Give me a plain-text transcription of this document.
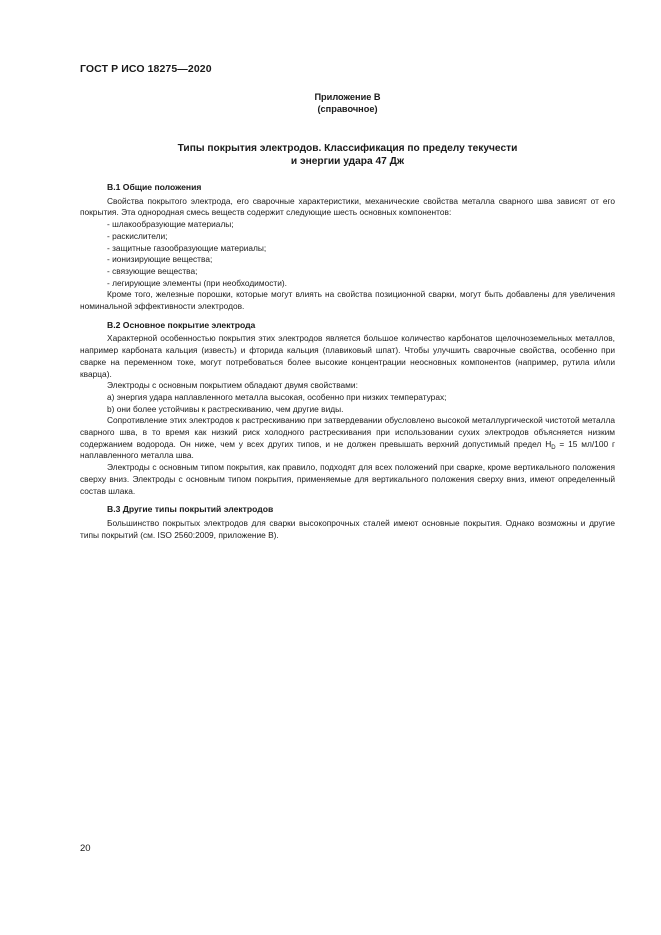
ГОСТ Р ИСО 18275—2020
Приложение В
(справочное)
Типы покрытия электродов. Классификация по пределу текучести
и энергии удара 47 Дж

В.1 Общие положения

Свойства покрытого электрода, его сварочные характеристики, механические свойства металла сварного шва зависят от его покрытия. Эта однородная смесь веществ содержит следующие шесть основных компонентов:

- шлакообразующие материалы;

- раскислители;

- защитные газообразующие материалы;

- ионизирующие вещества;

- связующие вещества;

- легирующие элементы (при необходимости).

Кроме того, железные порошки, которые могут влиять на свойства позиционной сварки, могут быть добавлены для увеличения номинальной эффективности электродов.

В.2 Основное покрытие электрода

Характерной особенностью покрытия этих электродов является большое количество карбонатов щелочноземельных металлов, например карбоната кальция (известь) и фторида кальция (плавиковый шпат). Чтобы улучшить сварочные свойства, особенно при сварке на переменном токе, могут потребоваться более высокие концентрации неосновных компонентов (например, рутила и/или кварца).

Электроды с основным покрытием обладают двумя свойствами:

а) энергия удара наплавленного металла высокая, особенно при низких температурах;

b) они более устойчивы к растрескиванию, чем другие виды.

Сопротивление этих электродов к растрескиванию при затвердевании обусловлено высокой металлургической чистотой металла сварного шва, в то время как низкий риск холодного растрескивания при использовании сухих электродов объясняется низким содержанием водорода. Он ниже, чем у всех других типов, и не должен превышать верхний допустимый предел $H_D = 15$ мл/100 г наплавленного металла шва.

Электроды с основным типом покрытия, как правило, подходят для всех положений при сварке, кроме вертикального положения сверху вниз. Электроды с основным типом покрытия, применяемые для вертикального положения сверху вниз, имеют определенный состав шлака.

В.3 Другие типы покрытий электродов

Большинство покрытых электродов для сварки высокопрочных сталей имеют основные покрытия. Однако возможны и другие типы покрытий (см. ISO 2560:2009, приложение В).

20
